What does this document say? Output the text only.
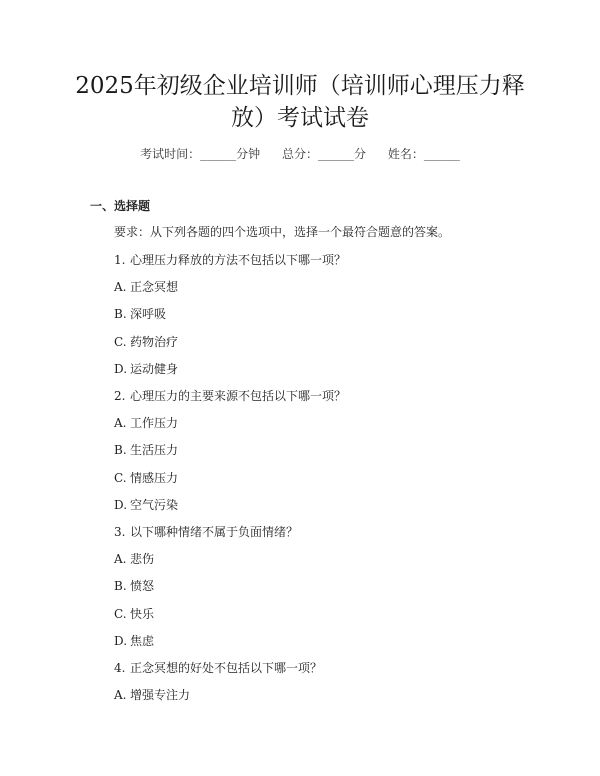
2025年初级企业培训师（培训师心理压力释
放）考试试卷
考试时间：______分钟 总分：______分 姓名：______
一、选择题
要求：从下列各题的四个选项中，选择一个最符合题意的答案。
1. 心理压力释放的方法不包括以下哪一项？
A. 正念冥想
B. 深呼吸
C. 药物治疗
D. 运动健身
2. 心理压力的主要来源不包括以下哪一项？
A. 工作压力
B. 生活压力
C. 情感压力
D. 空气污染
3. 以下哪种情绪不属于负面情绪？
A. 悲伤
B. 愤怒
C. 快乐
D. 焦虑
4. 正念冥想的好处不包括以下哪一项？
A. 增强专注力
